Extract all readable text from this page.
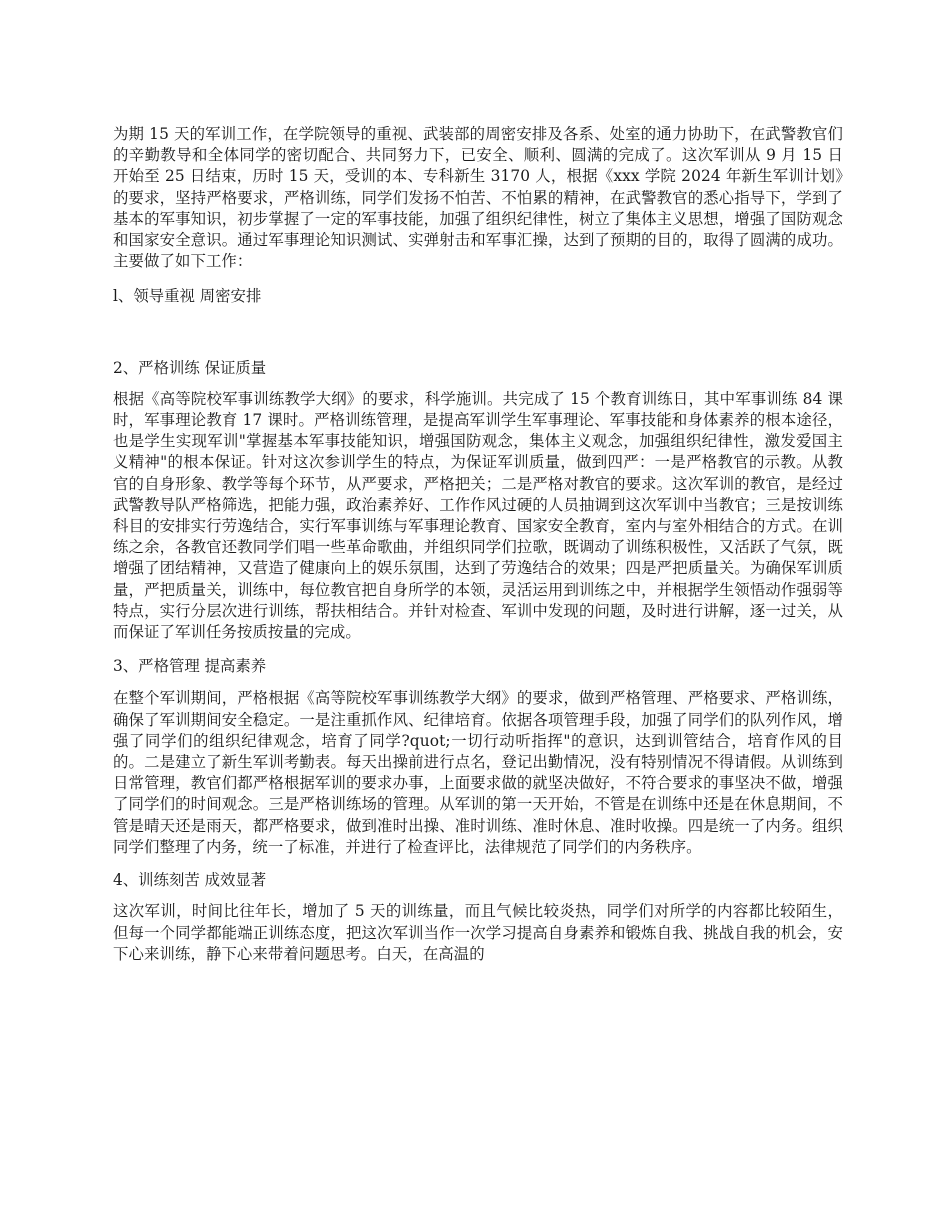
为期 15 天的军训工作，在学院领导的重视、武装部的周密安排及各系、处室的通力协助下，在武警教官们的辛勤教导和全体同学的密切配合、共同努力下，已安全、顺利、圆满的完成了。这次军训从 9 月 15 日开始至 25 日结束，历时 15 天，受训的本、专科新生 3170 人，根据《xxx 学院 2024 年新生军训计划》的要求，坚持严格要求，严格训练，同学们发扬不怕苦、不怕累的精神，在武警教官的悉心指导下，学到了基本的军事知识，初步掌握了一定的军事技能，加强了组织纪律性，树立了集体主义思想，增强了国防观念和国家安全意识。通过军事理论知识测试、实弹射击和军事汇操，达到了预期的目的，取得了圆满的成功。主要做了如下工作：

l、领导重视 周密安排

2、严格训练 保证质量

根据《高等院校军事训练教学大纲》的要求，科学施训。共完成了 15 个教育训练日，其中军事训练 84 课时，军事理论教育 17 课时。严格训练管理，是提高军训学生军事理论、军事技能和身体素养的根本途径，也是学生实现军训"掌握基本军事技能知识，增强国防观念，集体主义观念，加强组织纪律性，激发爱国主义精神"的根本保证。针对这次参训学生的特点，为保证军训质量，做到四严：一是严格教官的示教。从教官的自身形象、教学等每个环节，从严要求，严格把关；二是严格对教官的要求。这次军训的教官，是经过武警教导队严格筛选，把能力强，政治素养好、工作作风过硬的人员抽调到这次军训中当教官；三是按训练科目的安排实行劳逸结合，实行军事训练与军事理论教育、国家安全教育，室内与室外相结合的方式。在训练之余，各教官还教同学们唱一些革命歌曲，并组织同学们拉歌，既调动了训练积极性，又活跃了气氛，既增强了团结精神，又营造了健康向上的娱乐氛围，达到了劳逸结合的效果；四是严把质量关。为确保军训质量，严把质量关，训练中，每位教官把自身所学的本领，灵活运用到训练之中，并根据学生领悟动作强弱等特点，实行分层次进行训练，帮扶相结合。并针对检查、军训中发现的问题，及时进行讲解，逐一过关，从而保证了军训任务按质按量的完成。

3、严格管理 提高素养

在整个军训期间，严格根据《高等院校军事训练教学大纲》的要求，做到严格管理、严格要求、严格训练，确保了军训期间安全稳定。一是注重抓作风、纪律培育。依据各项管理手段，加强了同学们的队列作风，增强了同学们的组织纪律观念，培育了同学?quot;一切行动听指挥"的意识，达到训管结合，培育作风的目的。二是建立了新生军训考勤表。每天出操前进行点名，登记出勤情况，没有特别情况不得请假。从训练到日常管理，教官们都严格根据军训的要求办事，上面要求做的就坚决做好，不符合要求的事坚决不做，增强了同学们的时间观念。三是严格训练场的管理。从军训的第一天开始，不管是在训练中还是在休息期间，不管是晴天还是雨天，都严格要求，做到准时出操、准时训练、准时休息、准时收操。四是统一了内务。组织同学们整理了内务，统一了标准，并进行了检查评比，法律规范了同学们的内务秩序。

4、训练刻苦 成效显著

这次军训，时间比往年长，增加了 5 天的训练量，而且气候比较炎热，同学们对所学的内容都比较陌生，但每一个同学都能端正训练态度，把这次军训当作一次学习提高自身素养和锻炼自我、挑战自我的机会，安下心来训练，静下心来带着问题思考。白天，在高温的
